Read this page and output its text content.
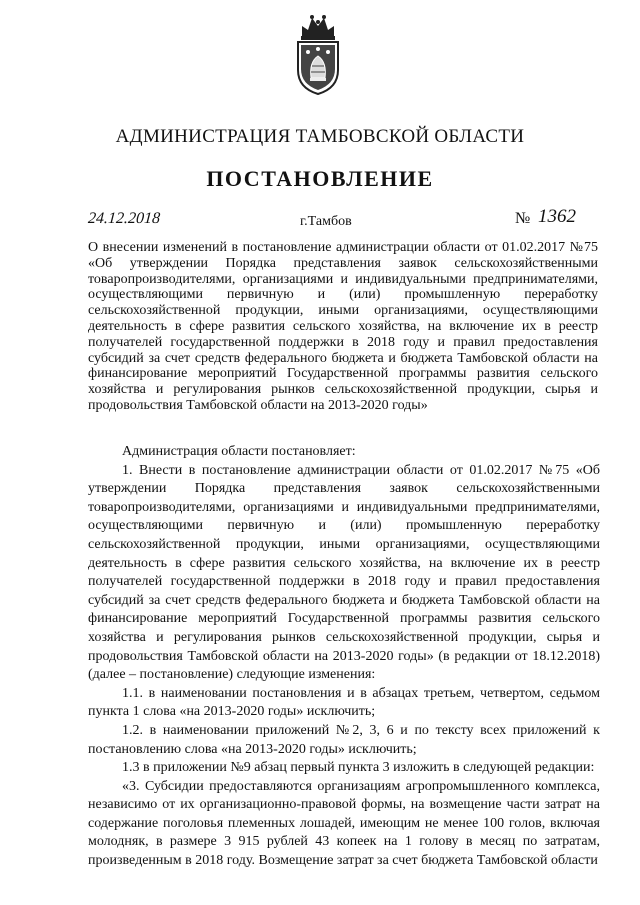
АДМИНИСТРАЦИЯ ТАМБОВСКОЙ ОБЛАСТИ
ПОСТАНОВЛЕНИЕ
24.12.2018	г.Тамбов	№ 1362
О внесении изменений в постановление администрации области от 01.02.2017 №75 «Об утверждении Порядка представления заявок сельскохозяйственными товаропроизводителями, организациями и индивидуальными предпринимателями, осуществляющими первичную и (или) промышленную переработку сельскохозяйственной продукции, иными организациями, осуществляющими деятельность в сфере развития сельского хозяйства, на включение их в реестр получателей государственной поддержки в 2018 году и правил предоставления субсидий за счет средств федерального бюджета и бюджета Тамбовской области на финансирование мероприятий Государственной программы развития сельского хозяйства и регулирования рынков сельскохозяйственной продукции, сырья и продовольствия Тамбовской области на 2013-2020 годы»

Администрация области постановляет:

1. Внести в постановление администрации области от 01.02.2017 №75 «Об утверждении Порядка представления заявок сельскохозяйственными товаропроизводителями, организациями и индивидуальными предпринимателями, осуществляющими первичную и (или) промышленную переработку сельскохозяйственной продукции, иными организациями, осуществляющими деятельность в сфере развития сельского хозяйства, на включение их в реестр получателей государственной поддержки в 2018 году и правил предоставления субсидий за счет средств федерального бюджета и бюджета Тамбовской области на финансирование мероприятий Государственной программы развития сельского хозяйства и регулирования рынков сельскохозяйственной продукции, сырья и продовольствия Тамбовской области на 2013-2020 годы» (в редакции от 18.12.2018) (далее – постановление) следующие изменения:

1.1. в наименовании постановления и в абзацах третьем, четвертом, седьмом пункта 1 слова «на 2013-2020 годы» исключить;

1.2. в наименовании приложений №2, 3, 6 и по тексту всех приложений к постановлению слова «на 2013-2020 годы» исключить;

1.3 в приложении №9 абзац первый пункта 3 изложить в следующей редакции:

«3. Субсидии предоставляются организациям агропромышленного комплекса, независимо от их организационно-правовой формы, на возмещение части затрат на содержание поголовья племенных лошадей, имеющим не менее 100 голов, включая молодняк, в размере 3 915 рублей 43 копеек на 1 голову в месяц по затратам, произведенным в 2018 году. Возмещение затрат за счет бюджета Тамбовской области
